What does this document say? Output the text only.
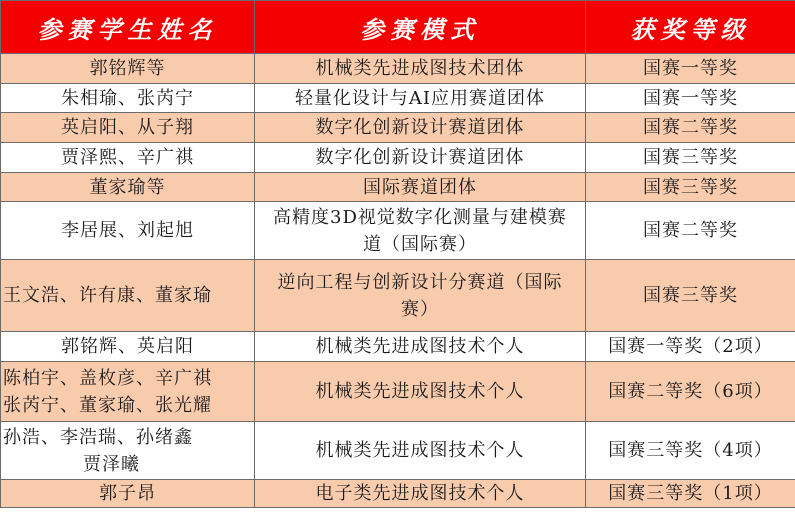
参赛学生姓名	参赛模式	获奖等级

郭铭辉等	机械类先进成图技术团体	国赛一等奖

朱相瑜、张芮宁	轻量化设计与AI应用赛道团体	国赛一等奖

英启阳、从子翔	数字化创新设计赛道团体	国赛二等奖

贾泽熙、辛广祺	数字化创新设计赛道团体	国赛三等奖

董家瑜等	国际赛道团体	国赛三等奖

李居展、刘起旭	高精度3D视觉数字化测量与建模赛
道（国际赛）	国赛二等奖

王文浩、许有康、董家瑜	逆向工程与创新设计分赛道（国际
赛）	国赛三等奖

郭铭辉、英启阳	机械类先进成图技术个人	国赛一等奖（2项）

陈柏宇、盖枚彦、辛广祺
张芮宁、董家瑜、张光耀	机械类先进成图技术个人	国赛二等奖（6项）

孙浩、李浩瑞、孙绪鑫
贾泽曦	机械类先进成图技术个人	国赛三等奖（4项）

郭子昂	电子类先进成图技术个人	国赛三等奖（1项）
